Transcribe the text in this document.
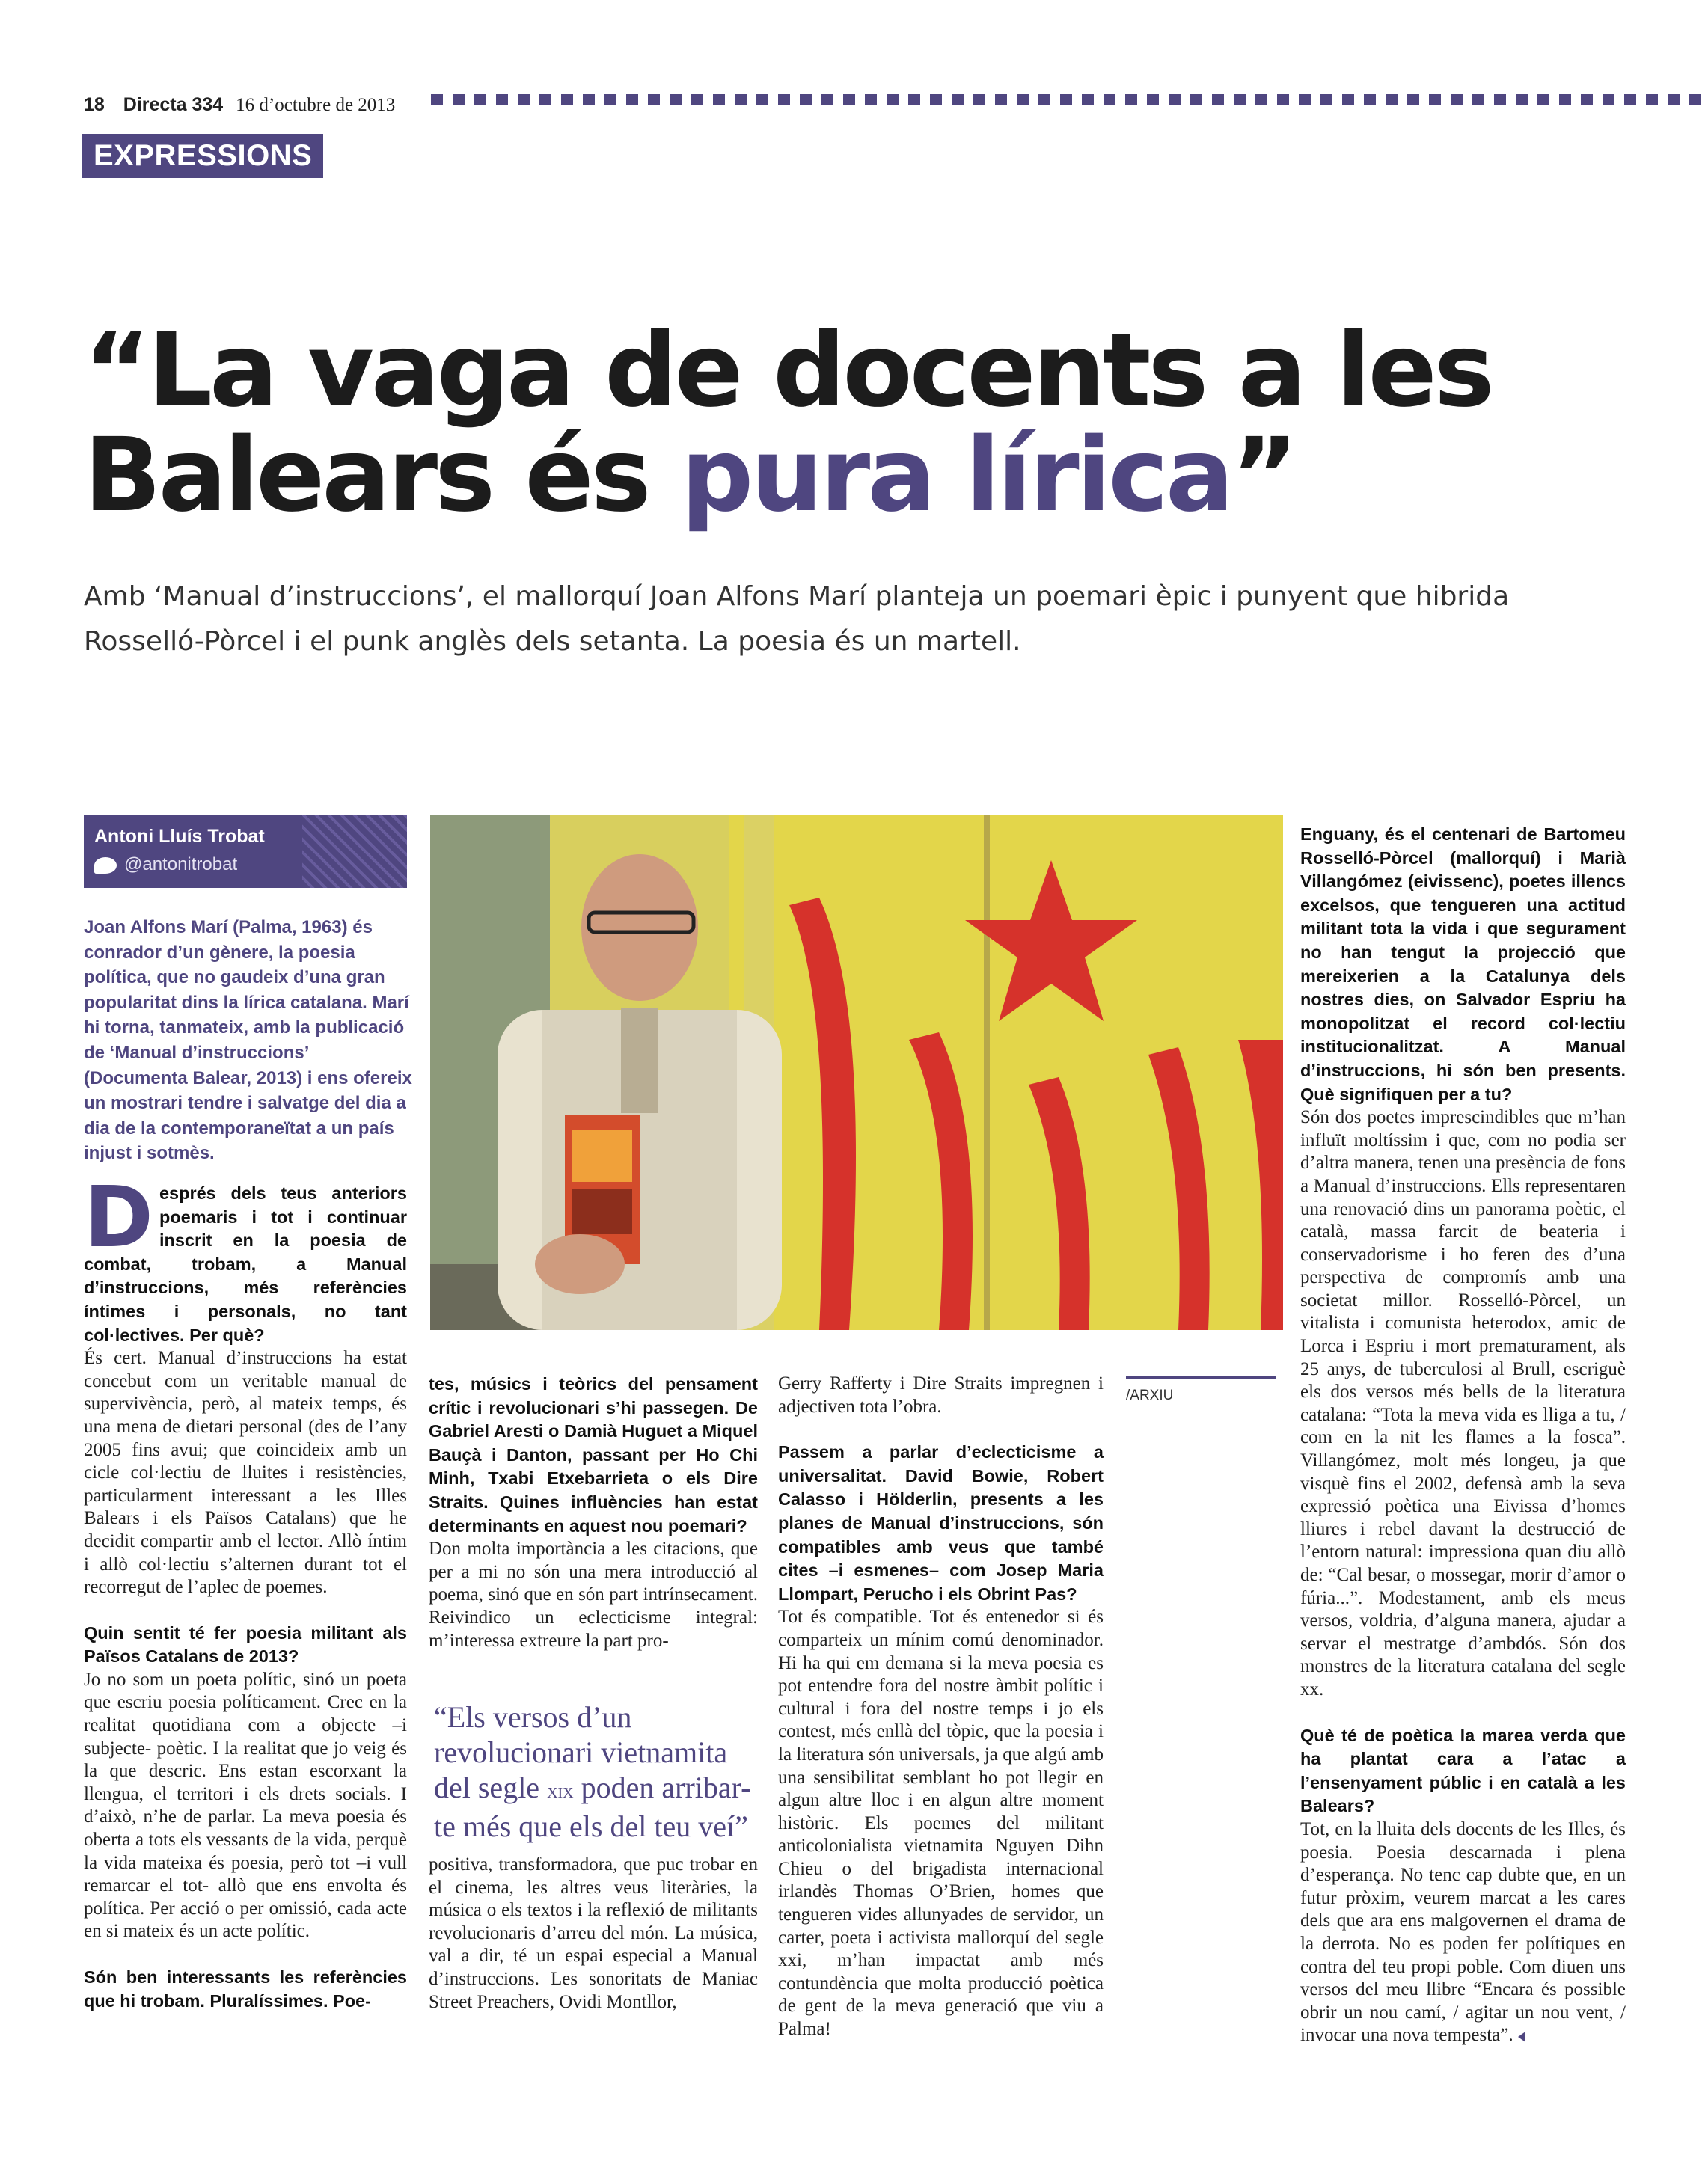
18 Directa 334 16 d’octubre de 2013
EXPRESSIONS
“La vaga de docents a les
Balears és pura lírica”
Amb ‘Manual d’instruccions’, el mallorquí Joan Alfons Marí planteja un poemari èpic i punyent que hibrida
Rosselló-Pòrcel i el punk anglès dels setanta. La poesia és un martell.
Antoni Lluís Trobat
@antonitrobat
Joan Alfons Marí (Palma, 1963) és conrador d’un gènere, la poesia política, que no gaudeix d’una gran popularitat dins la lírica catalana. Marí hi torna, tanmateix, amb la publicació de ‘Manual d’instruccions’ (Documenta Balear, 2013) i ens ofereix un mostrari tendre i salvatge del dia a dia de la contemporaneïtat a un país injust i sotmès.
/ARXIU

Després dels teus anteriors poemaris i tot i continuar inscrit en la poesia de combat, trobam, a Manual d’instruccions, més referències íntimes i personals, no tant col·lectives. Per què?
És cert. Manual d’instruccions ha estat concebut com un veritable manual de supervivència, però, al mateix temps, és una mena de dietari personal (des de l’any 2005 fins avui; que coincideix amb un cicle col·lectiu de lluites i resistències, particularment interessant a les Illes Balears i els Països Catalans) que he decidit compartir amb el lector. Allò íntim i allò col·lectiu s’alternen durant tot el recorregut de l’aplec de poemes.

Quin sentit té fer poesia militant als Països Catalans de 2013?
Jo no som un poeta polític, sinó un poeta que escriu poesia políticament. Crec en la realitat quotidiana com a objecte –i subjecte- poètic. I la realitat que jo veig és la que descric. Ens estan escorxant la llengua, el territori i els drets socials. I d’això, n’he de parlar. La meva poesia és oberta a tots els vessants de la vida, perquè la vida mateixa és poesia, però tot –i vull remarcar el tot- allò que ens envolta és política. Per acció o per omissió, cada acte en si mateix és un acte polític.

Són ben interessants les referències que hi trobam. Pluralíssimes. Poe-

tes, músics i teòrics del pensament crític i revolucionari s’hi passegen. De Gabriel Aresti o Damià Huguet a Miquel Bauçà i Danton, passant per Ho Chi Minh, Txabi Etxebarrieta o els Dire Straits. Quines influències han estat determinants en aquest nou poemari?
Don molta importància a les citacions, que per a mi no són una mera introducció al poema, sinó que en són part intrínsecament. Reivindico un eclecticisme integral: m’interessa extreure la part pro-

“Els versos d’un revolucionari vietnamita del segle xix poden arribar-te més que els del teu veí”

positiva, transformadora, que puc trobar en el cinema, les altres veus literàries, la música o els textos i la reflexió de militants revolucionaris d’arreu del món. La música, val a dir, té un espai especial a Manual d’instruccions. Les sonoritats de Maniac Street Preachers, Ovidi Montllor,

Gerry Rafferty i Dire Straits impregnen i adjectiven tota l’obra.

Passem a parlar d’eclecticisme a universalitat. David Bowie, Robert Calasso i Hölderlin, presents a les planes de Manual d’instruccions, són compatibles amb veus que també cites –i esmenes– com Josep Maria Llompart, Perucho i els Obrint Pas?
Tot és compatible. Tot és entenedor si és comparteix un mínim comú denominador. Hi ha qui em demana si la meva poesia es pot entendre fora del nostre àmbit polític i cultural i fora del nostre temps i jo els contest, més enllà del tòpic, que la poesia i la literatura són universals, ja que algú amb una sensibilitat semblant ho pot llegir en algun altre lloc i en algun altre moment històric. Els poemes del militant anticolonialista vietnamita Nguyen Dihn Chieu o del brigadista internacional irlandès Thomas O’Brien, homes que tengueren vides allunyades de servidor, un carter, poeta i activista mallorquí del segle xxi, m’han impactat amb més contundència que molta producció poètica de gent de la meva generació que viu a Palma!

Enguany, és el centenari de Bartomeu Rosselló-Pòrcel (mallorquí) i Marià Villangómez (eivissenc), poetes illencs excelsos, que tengueren una actitud militant tota la vida i que segurament no han tengut la projecció que mereixerien a la Catalunya dels nostres dies, on Salvador Espriu ha monopolitzat el record col·lectiu institucionalitzat. A Manual d’instruccions, hi són ben presents. Què signifiquen per a tu?
Són dos poetes imprescindibles que m’han influït moltíssim i que, com no podia ser d’altra manera, tenen una presència de fons a Manual d’instruccions. Ells representaren una renovació dins un panorama poètic, el català, massa farcit de beateria i conservadorisme i ho feren des d’una perspectiva de compromís amb una societat millor. Rosselló-Pòrcel, un vitalista i comunista heterodox, amic de Lorca i Espriu i mort prematurament, als 25 anys, de tuberculosi al Brull, escriguè els dos versos més bells de la literatura catalana: “Tota la meva vida es lliga a tu, / com en la nit les flames a la fosca”. Villangómez, molt més longeu, ja que visquè fins el 2002, defensà amb la seva expressió poètica una Eivissa d’homes lliures i rebel davant la destrucció de l’entorn natural: impressiona quan diu allò de: “Cal besar, o mossegar, morir d’amor o fúria...”. Modestament, amb els meus versos, voldria, d’alguna manera, ajudar a servar el mestratge d’ambdós. Són dos monstres de la literatura catalana del segle xx.

Què té de poètica la marea verda que ha plantat cara a l’atac a l’ensenyament públic i en català a les Balears?
Tot, en la lluita dels docents de les Illes, és poesia. Poesia descarnada i plena d’esperança. No tenc cap dubte que, en un futur pròxim, veurem marcat a les cares dels que ara ens malgovernen el drama de la derrota. No es poden fer polítiques en contra del teu propi poble. Com diuen uns versos del meu llibre “Encara és possible obrir un nou camí, / agitar un nou vent, / invocar una nova tempesta”.
